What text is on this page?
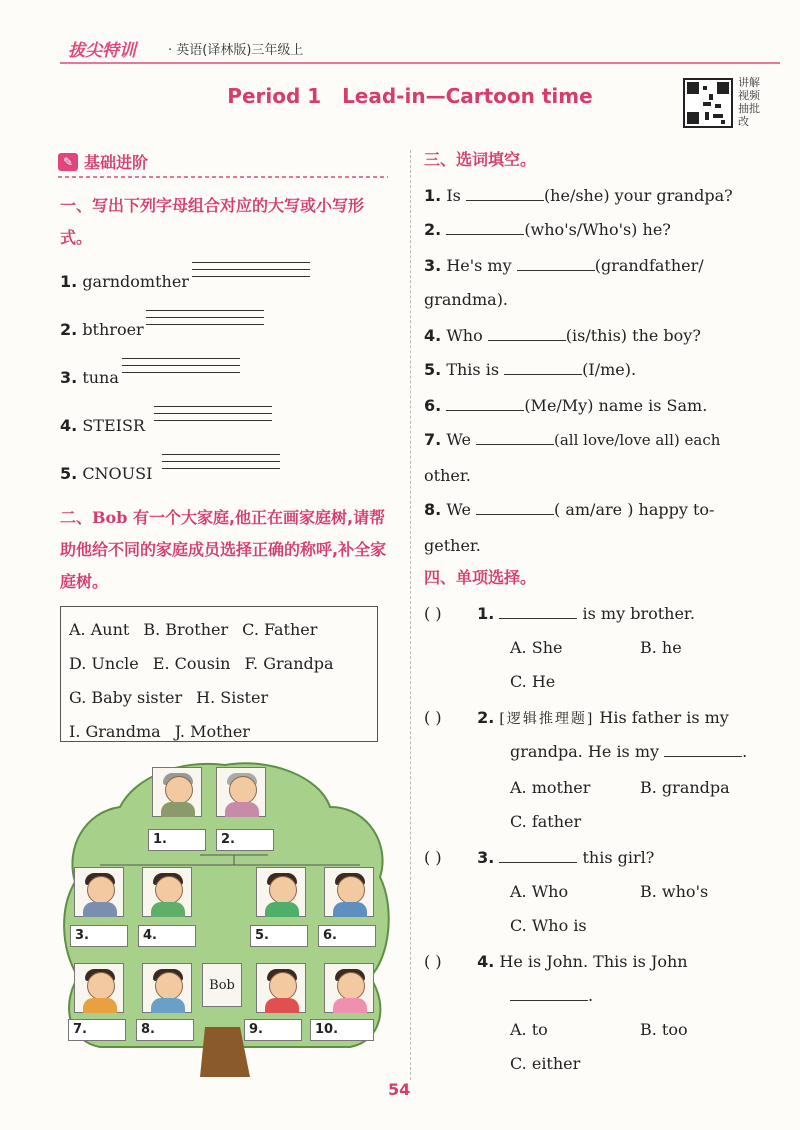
拔尖特训 · 英语(译林版)三年级上
Period 1   Lead-in—Cartoon time
讲解视频抽批改
✎ 基础进阶
一、写出下列字母组合对应的大写或小写形式。
1. garndomther
2. bthroer
3. tuna
4. STEISR
5. CNOUSI
二、Bob 有一个大家庭,他正在画家庭树,请帮助他给不同的家庭成员选择正确的称呼,补全家庭树。
A. Aunt B. Brother C. Father
D. Uncle E. Cousin F. Grandpa
G. Baby sister H. Sister
I. Grandma J. Mother
1.	2.
3.	4.	5.	6.
Bob
7.	8.	9.	10.
三、选词填空。
1. Is	(he/she) your grandpa?
2.	(who's/Who's) he?
3. He's my	(grandfather/
grandma).
4. Who	(is/this) the boy?
5. This is	(I/me).
6.	(Me/My) name is Sam.
7. We	(all love/love all) each
other.
8. We	( am/are ) happy to-
gether.
四、单项选择。
( ) 1.	is my brother.
A. She	B. he
C. He
( ) 2. [逻辑推理题] His father is my
grandpa. He is my	.
A. mother	B. grandpa
C. father
( ) 3.	this girl?
A. Who	B. who's
C. Who is
( ) 4. He is John. This is John
.
A. to	B. too
C. either
54
